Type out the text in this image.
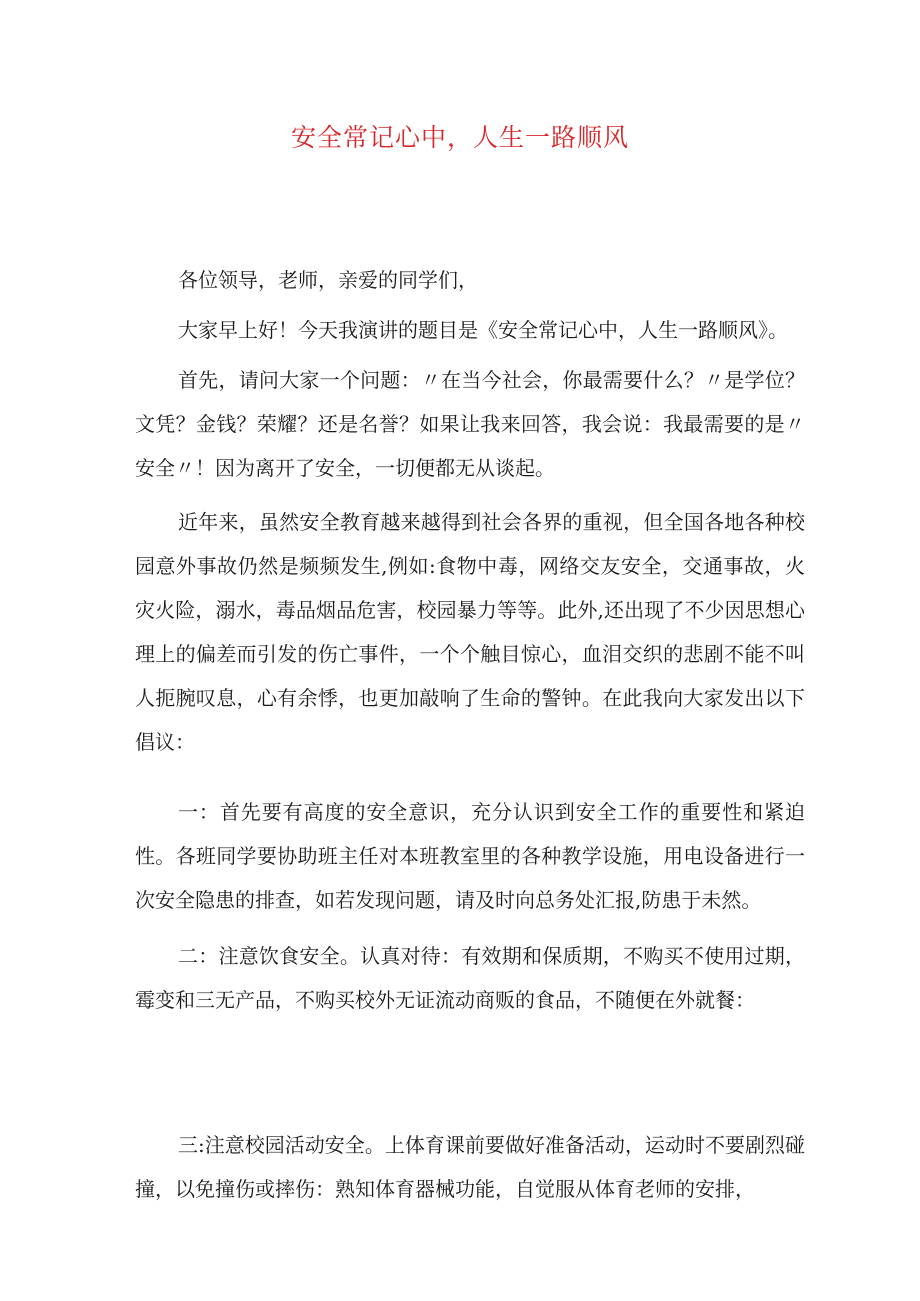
安全常记心中，人生一路顺风

各位领导，老师，亲爱的同学们，

大家早上好！今天我演讲的题目是《安全常记心中，人生一路顺风》。

首先，请问大家一个问题：〃在当今社会，你最需要什么？〃是学位？文凭？金钱？荣耀？还是名誉？如果让我来回答，我会说：我最需要的是〃安全〃！因为离开了安全，一切便都无从谈起。

近年来，虽然安全教育越来越得到社会各界的重视，但全国各地各种校园意外事故仍然是频频发生,例如:食物中毒，网络交友安全，交通事故，火灾火险，溺水，毒品烟品危害，校园暴力等等。此外,还出现了不少因思想心理上的偏差而引发的伤亡事件，一个个触目惊心，血泪交织的悲剧不能不叫人扼腕叹息，心有余悸，也更加敲响了生命的警钟。在此我向大家发出以下倡议：

一：首先要有高度的安全意识，充分认识到安全工作的重要性和紧迫性。各班同学要协助班主任对本班教室里的各种教学设施，用电设备进行一次安全隐患的排查，如若发现问题，请及时向总务处汇报,防患于未然。

二：注意饮食安全。认真对待：有效期和保质期，不购买不使用过期，霉变和三无产品，不购买校外无证流动商贩的食品，不随便在外就餐：

三:注意校园活动安全。上体育课前要做好准备活动，运动时不要剧烈碰撞，以免撞伤或摔伤：熟知体育器械功能，自觉服从体育老师的安排，
